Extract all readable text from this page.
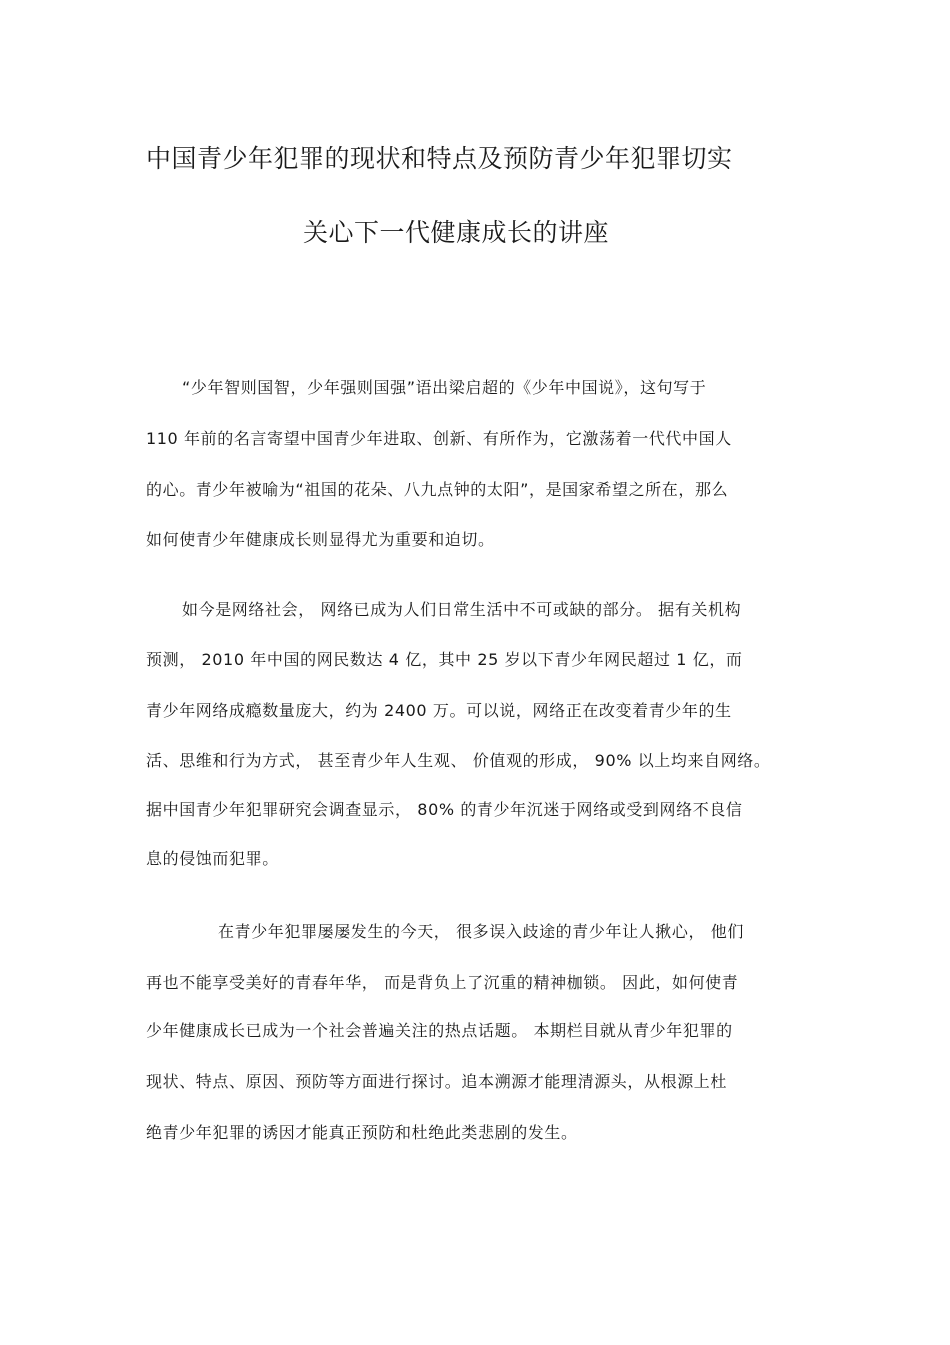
中国青少年犯罪的现状和特点及预防青少年犯罪切实
关心下一代健康成长的讲座
“少年智则国智，少年强则国强”语出梁启超的《少年中国说》，这句写于
110 年前的名言寄望中国青少年进取、创新、有所作为，它激荡着一代代中国人
的心。青少年被喻为“祖国的花朵、八九点钟的太阳”，是国家希望之所在，那么
如何使青少年健康成长则显得尤为重要和迫切。
如今是网络社会， 网络已成为人们日常生活中不可或缺的部分。 据有关机构
预测， 2010 年中国的网民数达 4 亿，其中 25 岁以下青少年网民超过 1 亿，而
青少年网络成瘾数量庞大，约为 2400 万。可以说，网络正在改变着青少年的生
活、思维和行为方式， 甚至青少年人生观、 价值观的形成， 90% 以上均来自网络。
据中国青少年犯罪研究会调查显示， 80% 的青少年沉迷于网络或受到网络不良信
息的侵蚀而犯罪。
在青少年犯罪屡屡发生的今天， 很多误入歧途的青少年让人揪心， 他们
再也不能享受美好的青春年华， 而是背负上了沉重的精神枷锁。 因此，如何使青
少年健康成长已成为一个社会普遍关注的热点话题。 本期栏目就从青少年犯罪的
现状、特点、原因、预防等方面进行探讨。追本溯源才能理清源头，从根源上杜
绝青少年犯罪的诱因才能真正预防和杜绝此类悲剧的发生。
